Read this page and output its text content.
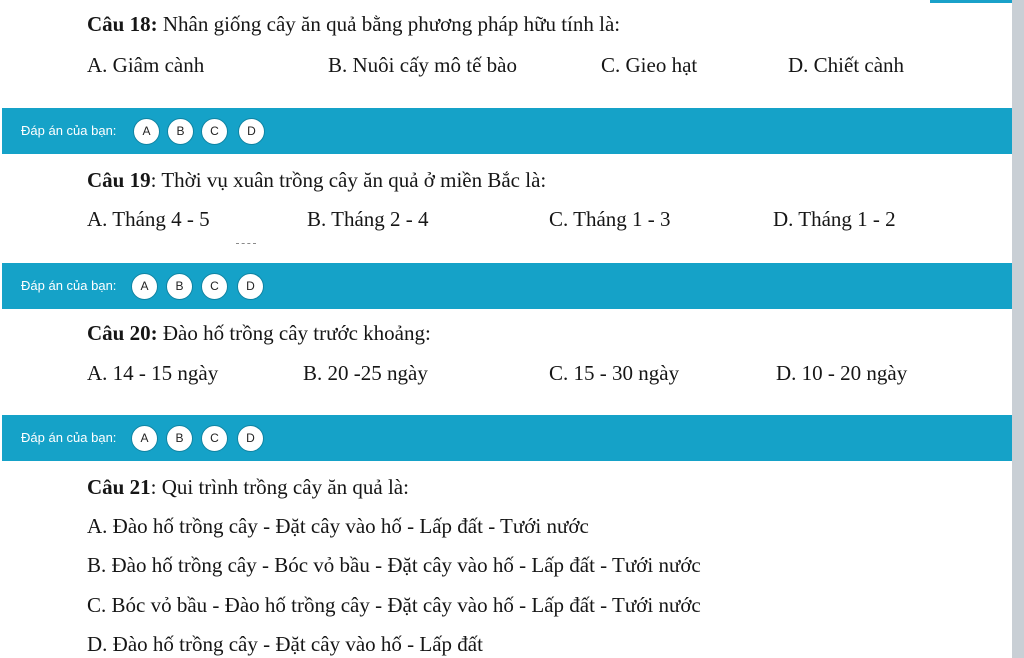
Câu 18: Nhân giống cây ăn quả bằng phương pháp hữu tính là:
A. Giâm cành	B. Nuôi cấy mô tế bào	C. Gieo hạt	D. Chiết cành
Đáp án của bạn:	A	B	C	D
Câu 19: Thời vụ xuân trồng cây ăn quả ở miền Bắc là:
A. Tháng 4 - 5	B. Tháng 2 - 4	C. Tháng 1 - 3	D. Tháng 1 - 2
Đáp án của bạn:	A	B	C	D
Câu 20: Đào hố trồng cây trước khoảng:
A. 14 - 15 ngày	B. 20 -25 ngày	C. 15 - 30 ngày	D. 10 - 20 ngày
Đáp án của bạn:	A	B	C	D
Câu 21: Qui trình trồng cây ăn quả là:
A. Đào hố trồng cây - Đặt cây vào hố - Lấp đất - Tưới nước
B. Đào hố trồng cây - Bóc vỏ bầu - Đặt cây vào hố - Lấp đất - Tưới nước
C. Bóc vỏ bầu - Đào hố trồng cây - Đặt cây vào hố - Lấp đất - Tưới nước
D. Đào hố trồng cây - Đặt cây vào hố - Lấp đất
